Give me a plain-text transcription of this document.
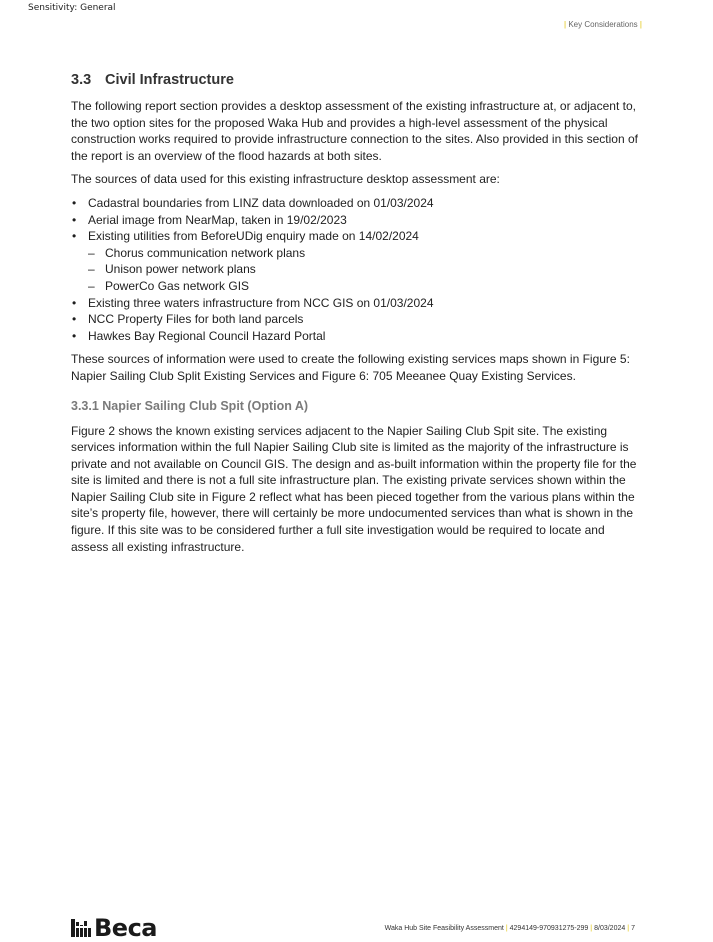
Sensitivity: General
| Key Considerations |
3.3 Civil Infrastructure

The following report section provides a desktop assessment of the existing infrastructure at, or adjacent to, the two option sites for the proposed Waka Hub and provides a high-level assessment of the physical construction works required to provide infrastructure connection to the sites. Also provided in this section of the report is an overview of the flood hazards at both sites.

The sources of data used for this existing infrastructure desktop assessment are:

• Cadastral boundaries from LINZ data downloaded on 01/03/2024
• Aerial image from NearMap, taken in 19/02/2023
• Existing utilities from BeforeUDig enquiry made on 14/02/2024
– Chorus communication network plans
– Unison power network plans
– PowerCo Gas network GIS
• Existing three waters infrastructure from NCC GIS on 01/03/2024
• NCC Property Files for both land parcels
• Hawkes Bay Regional Council Hazard Portal

These sources of information were used to create the following existing services maps shown in Figure 5: Napier Sailing Club Split Existing Services and Figure 6: 705 Meeanee Quay Existing Services.

3.3.1 Napier Sailing Club Spit (Option A)

Figure 2 shows the known existing services adjacent to the Napier Sailing Club Spit site. The existing services information within the full Napier Sailing Club site is limited as the majority of the infrastructure is private and not available on Council GIS. The design and as-built information within the property file for the site is limited and there is not a full site infrastructure plan. The existing private services shown within the Napier Sailing Club site in Figure 2 reflect what has been pieced together from the various plans within the site’s property file, however, there will certainly be more undocumented services than what is shown in the figure. If this site was to be considered further a full site investigation would be required to locate and assess all existing infrastructure.

Beca	Waka Hub Site Feasibility Assessment | 4294149-970931275-299 | 8/03/2024 | 7
